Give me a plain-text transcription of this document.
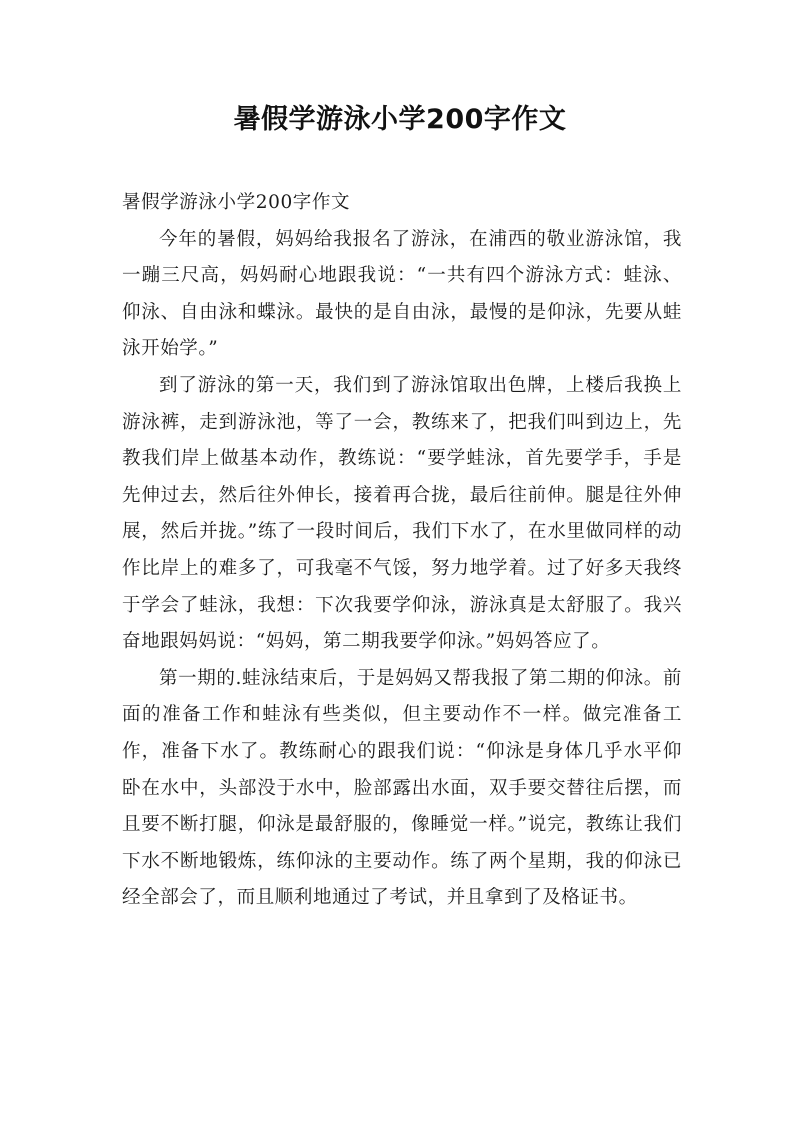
暑假学游泳小学200字作文

暑假学游泳小学200字作文

今年的暑假，妈妈给我报名了游泳，在浦西的敬业游泳馆，我一蹦三尺高，妈妈耐心地跟我说：“一共有四个游泳方式：蛙泳、仰泳、自由泳和蝶泳。最快的是自由泳，最慢的是仰泳，先要从蛙泳开始学。”

到了游泳的第一天，我们到了游泳馆取出色牌，上楼后我换上游泳裤，走到游泳池，等了一会，教练来了，把我们叫到边上，先教我们岸上做基本动作，教练说：“要学蛙泳，首先要学手，手是先伸过去，然后往外伸长，接着再合拢，最后往前伸。腿是往外伸展，然后并拢。”练了一段时间后，我们下水了，在水里做同样的动作比岸上的难多了，可我毫不气馁，努力地学着。过了好多天我终于学会了蛙泳，我想：下次我要学仰泳，游泳真是太舒服了。我兴奋地跟妈妈说：“妈妈，第二期我要学仰泳。”妈妈答应了。

第一期的.蛙泳结束后，于是妈妈又帮我报了第二期的仰泳。前面的准备工作和蛙泳有些类似，但主要动作不一样。做完准备工作，准备下水了。教练耐心的跟我们说：“仰泳是身体几乎水平仰卧在水中，头部没于水中，脸部露出水面，双手要交替往后摆，而且要不断打腿，仰泳是最舒服的，像睡觉一样。”说完，教练让我们下水不断地锻炼，练仰泳的主要动作。练了两个星期，我的仰泳已经全部会了，而且顺利地通过了考试，并且拿到了及格证书。
